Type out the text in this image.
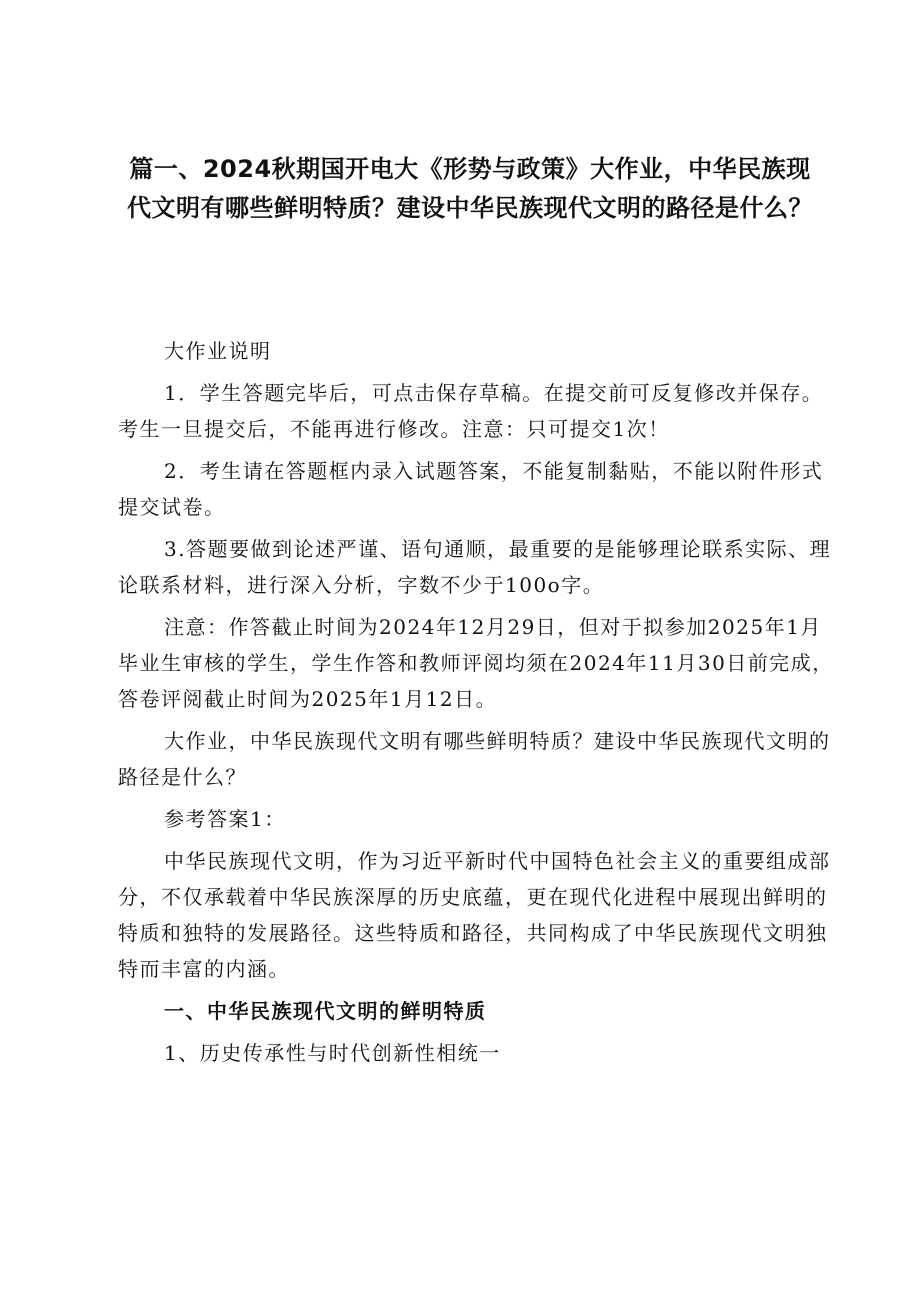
篇一、2024秋期国开电大《形势与政策》大作业，中华民族现代文明有哪些鲜明特质？建设中华民族现代文明的路径是什么？

大作业说明

1．学生答题完毕后，可点击保存草稿。在提交前可反复修改并保存。考生一旦提交后，不能再进行修改。注意：只可提交1次！

2．考生请在答题框内录入试题答案，不能复制黏贴，不能以附件形式提交试卷。

3.答题要做到论述严谨、语句通顺，最重要的是能够理论联系实际、理论联系材料，进行深入分析，字数不少于100o字。

注意：作答截止时间为2024年12月29日，但对于拟参加2025年1月毕业生审核的学生，学生作答和教师评阅均须在2024年11月30日前完成，答卷评阅截止时间为2025年1月12日。

大作业，中华民族现代文明有哪些鲜明特质？建设中华民族现代文明的路径是什么？

参考答案1：

中华民族现代文明，作为习近平新时代中国特色社会主义的重要组成部分，不仅承载着中华民族深厚的历史底蕴，更在现代化进程中展现出鲜明的特质和独特的发展路径。这些特质和路径，共同构成了中华民族现代文明独特而丰富的内涵。

一、中华民族现代文明的鲜明特质

1、历史传承性与时代创新性相统一
